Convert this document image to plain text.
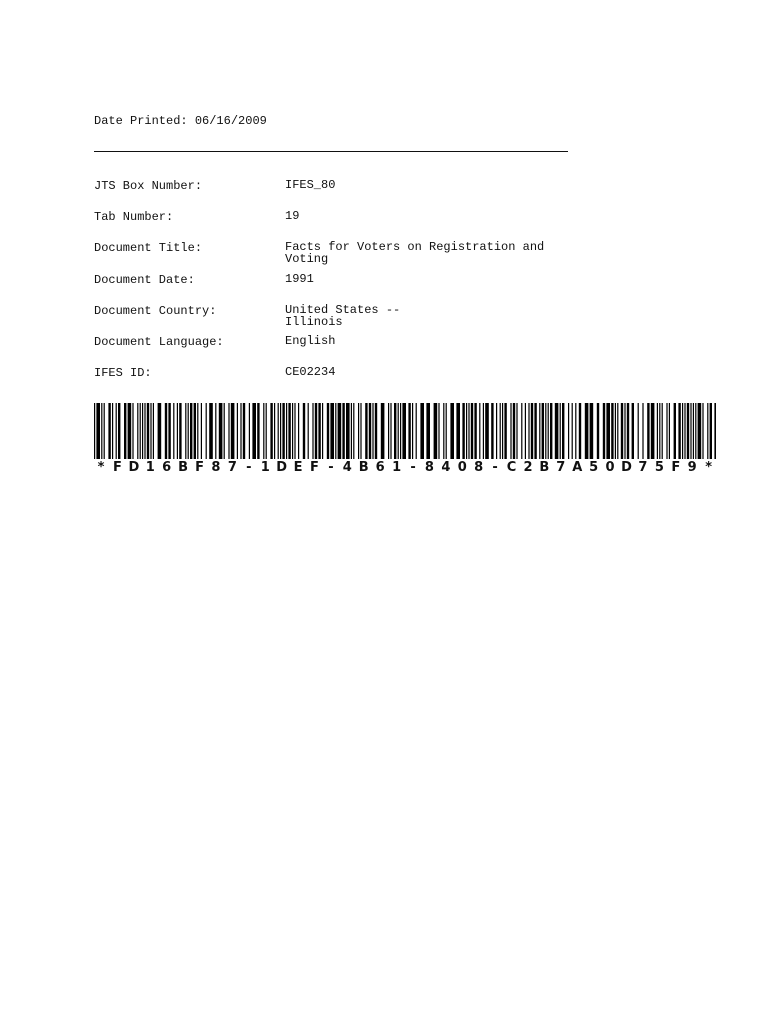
Date Printed: 06/16/2009
JTS Box Number:	IFES_80
Tab Number:	19
Document Title:	Facts for Voters on Registration and Voting
Document Date:	1991
Document Country:	United States -- Illinois
Document Language:	English
IFES ID:	CE02234
* F D 1 6 B F 8 7 - 1 D E F - 4 B 6 1 - 8 4 0 8 - C 2 B 7 A 5 0 D 7 5 F 9 *
